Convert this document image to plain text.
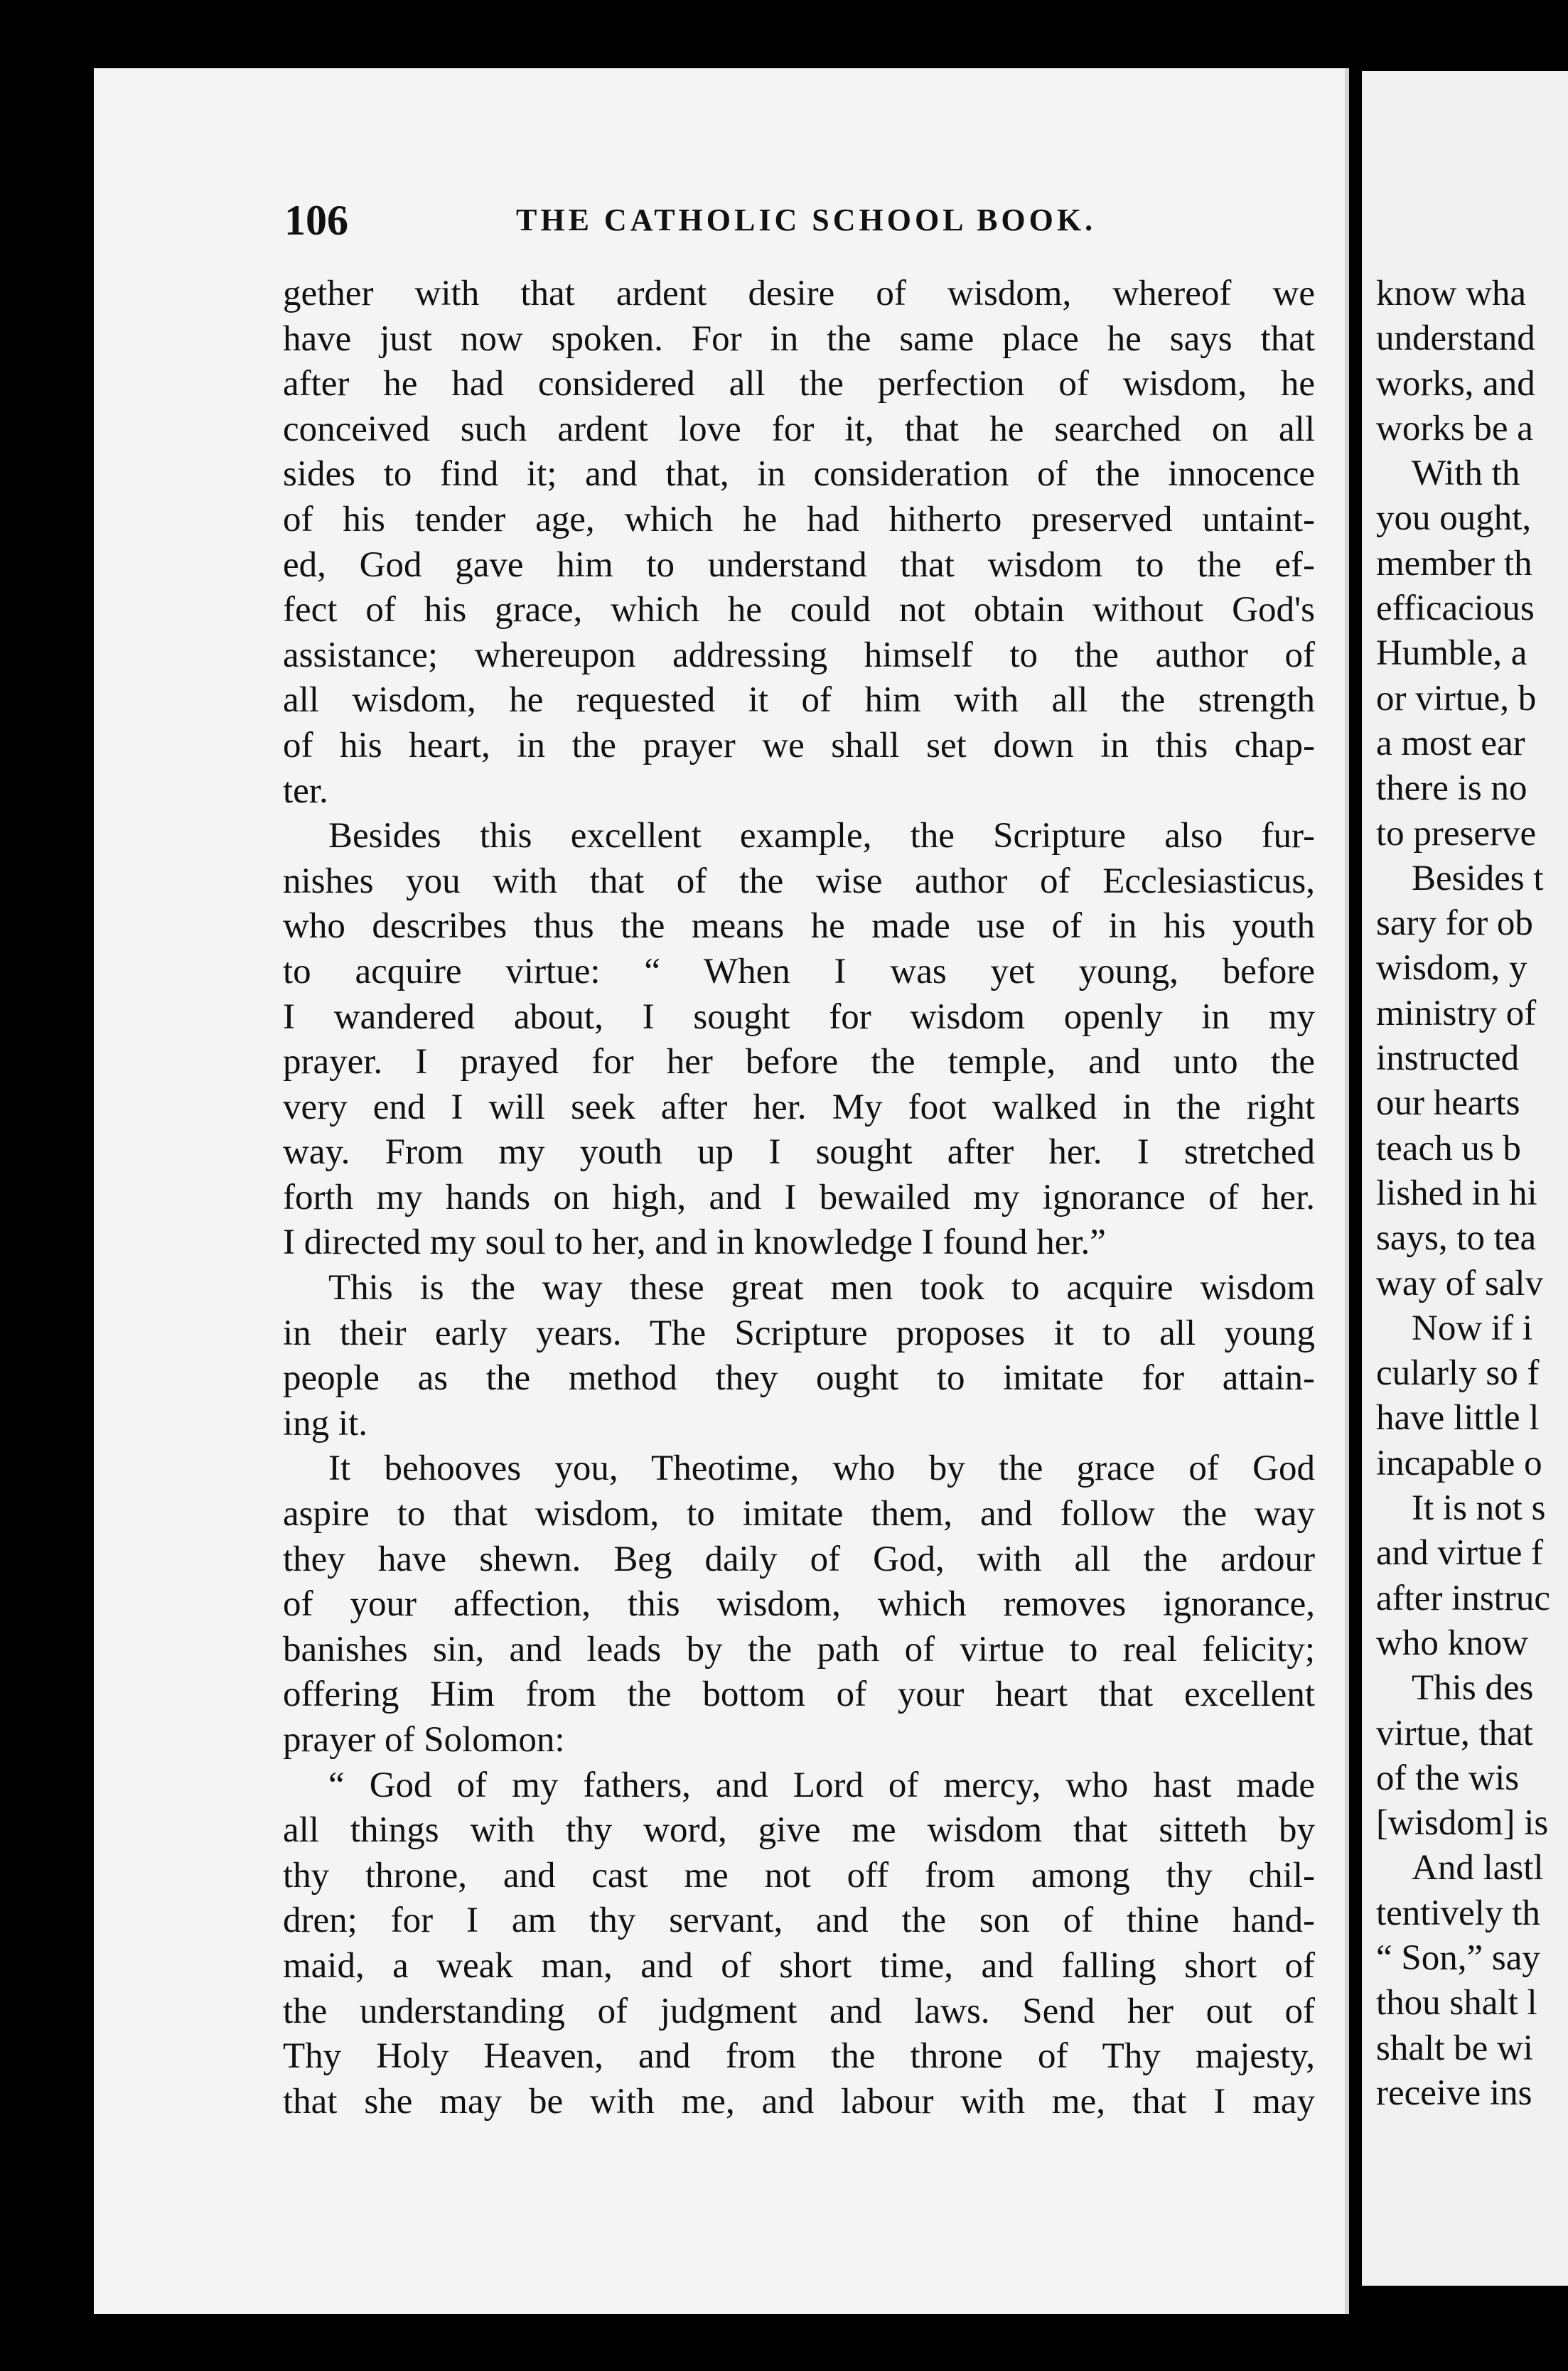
106	THE CATHOLIC SCHOOL BOOK.

gether with that ardent desire of wisdom, whereof we

have just now spoken. For in the same place he says that

after he had considered all the perfection of wisdom, he

conceived such ardent love for it, that he searched on all

sides to find it; and that, in consideration of the innocence

of his tender age, which he had hitherto preserved untaint-

ed, God gave him to understand that wisdom to the ef-

fect of his grace, which he could not obtain without God's

assistance; whereupon addressing himself to the author of

all wisdom, he requested it of him with all the strength

of his heart, in the prayer we shall set down in this chap-

ter.

Besides this excellent example, the Scripture also fur-

nishes you with that of the wise author of Ecclesiasticus,

who describes thus the means he made use of in his youth

to acquire virtue: “ When I was yet young, before

I wandered about, I sought for wisdom openly in my

prayer. I prayed for her before the temple, and unto the

very end I will seek after her. My foot walked in the right

way. From my youth up I sought after her. I stretched

forth my hands on high, and I bewailed my ignorance of her.

I directed my soul to her, and in knowledge I found her.”

This is the way these great men took to acquire wisdom

in their early years. The Scripture proposes it to all young

people as the method they ought to imitate for attain-

ing it.

It behooves you, Theotime, who by the grace of God

aspire to that wisdom, to imitate them, and follow the way

they have shewn. Beg daily of God, with all the ardour

of your affection, this wisdom, which removes ignorance,

banishes sin, and leads by the path of virtue to real felicity;

offering Him from the bottom of your heart that excellent

prayer of Solomon:

“ God of my fathers, and Lord of mercy, who hast made

all things with thy word, give me wisdom that sitteth by

thy throne, and cast me not off from among thy chil-

dren; for I am thy servant, and the son of thine hand-

maid, a weak man, and of short time, and falling short of

the understanding of judgment and laws. Send her out of

Thy Holy Heaven, and from the throne of Thy majesty,

that she may be with me, and labour with me, that I may

know wha

understand

works, and

works be a

With th

you ought,

member th

efficacious

Humble, a

or virtue, b

a most ear

there is no

to preserve

Besides t

sary for ob

wisdom, y

ministry of

instructed

our hearts

teach us b

lished in hi

says, to tea

way of salv

Now if i

cularly so f

have little l

incapable o

It is not s

and virtue f

after instruc

who know

This des

virtue, that

of the wis

[wisdom] is

And lastl

tentively th

“ Son,” say

thou shalt l

shalt be wi

receive ins
